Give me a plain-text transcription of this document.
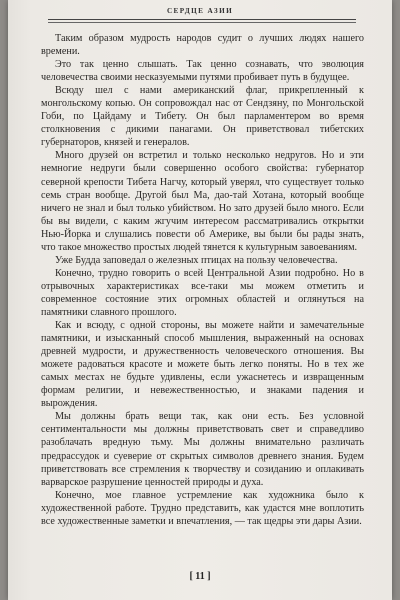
СЕРДЦЕ АЗИИ

Таким образом мудрость народов судит о лучших людях нашего времени.

Это так ценно слышать. Так ценно сознавать, что эволюция человечества своими несказуемыми путями пробивает путь в будущее.

Всюду шел с нами американский флаг, прикрепленный к монгольскому копью. Он сопровождал нас от Сендзяну, по Монгольской Гоби, по Цайдаму и Тибету. Он был парламентером во время столкновения с дикими панагами. Он приветствовал тибетских губернаторов, князей и генералов.

Много друзей он встретил и только несколько недругов. Но и эти немногие недруги были совершенно особого свойства: губернатор северной крепости Тибета Нагчу, который уверял, что существует только семь стран вообще. Другой был Ма, дао-тай Хотана, который вообще ничего не знал и был только убийством. Но зато друзей было много. Если бы вы видели, с каким жгучим интересом рассматривались открытки Нью-Йорка и слушались повести об Америке, вы были бы рады знать, что такое множество простых людей тянется к культурным завоеваниям.

Уже Будда заповедал о железных птицах на пользу человечества.

Конечно, трудно говорить о всей Центральной Азии подробно. Но в отрывочных характеристиках все-таки мы можем отметить и современное состояние этих огромных областей и оглянуться на памятники славного прошлого.

Как и всюду, с одной стороны, вы можете найти и замечательные памятники, и изысканный способ мышления, выраженный на основах древней мудрости, и дружественность человеческого отношения. Вы можете радоваться красоте и можете быть легко поняты. Но в тех же самых местах не будьте удивлены, если ужаснетесь и извращенным формам религии, и невежественностью, и знаками падения и вырождения.

Мы должны брать вещи так, как они есть. Без условной сентиментальности мы должны приветствовать свет и справедливо разоблачать вредную тьму. Мы должны внимательно различать предрассудок и суеверие от скрытых символов древнего знания. Будем приветствовать все стремления к творчеству и созиданию и оплакивать варварское разрушение ценностей природы и духа.

Конечно, мое главное устремление как художника было к художественной работе. Трудно представить, как удастся мне воплотить все художественные заметки и впечатления, — так щедры эти дары Азии.

[ 11 ]
